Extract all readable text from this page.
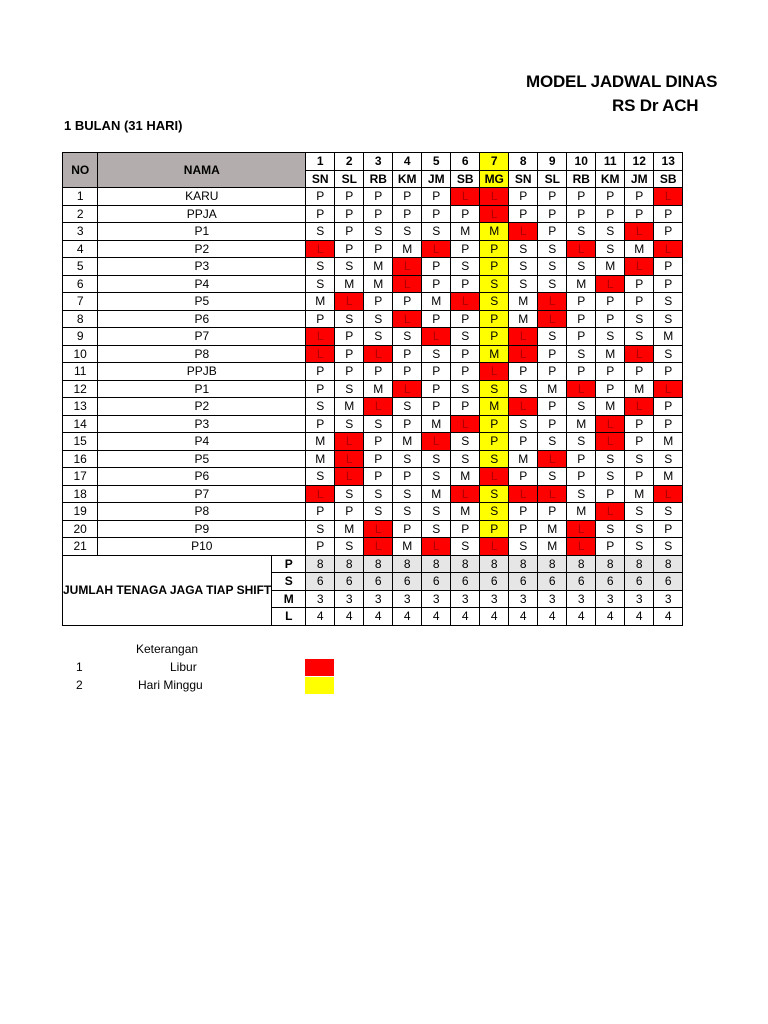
MODEL JADWAL DINAS
RS Dr ACH
1 BULAN (31 HARI)
NO	NAMA		1	2	3	4	5	6	7	8	9	10	11	12	13
			SN	SL	RB	KM	JM	SB	MG	SN	SL	RB	KM	JM	SB
1	KARU		P	P	P	P	P	L	L	P	P	P	P	P	L
2	PPJA		P	P	P	P	P	P	L	P	P	P	P	P	P
3	P1		S	P	S	S	S	M	M	L	P	S	S	L	P
4	P2		L	P	P	M	L	P	P	S	S	L	S	M	L
5	P3		S	S	M	L	P	S	P	S	S	S	M	L	P
6	P4		S	M	M	L	P	P	S	S	S	M	L	P	P
7	P5		M	L	P	P	M	L	S	M	L	P	P	P	S
8	P6		P	S	S	L	P	P	P	M	L	P	P	S	S
9	P7		L	P	S	S	L	S	P	L	S	P	S	S	M
10	P8		L	P	L	P	S	P	M	L	P	S	M	L	S
11	PPJB		P	P	P	P	P	P	L	P	P	P	P	P	P
12	P1		P	S	M	L	P	S	S	S	M	L	P	M	L
13	P2		S	M	L	S	P	P	M	L	P	S	M	L	P
14	P3		P	S	S	P	M	L	P	S	P	M	L	P	P
15	P4		M	L	P	M	L	S	P	P	S	S	L	P	M
16	P5		M	L	P	S	S	S	S	M	L	P	S	S	S
17	P6		S	L	P	P	S	M	L	P	S	P	S	P	M
18	P7		L	S	S	S	M	L	S	L	L	S	P	M	L
19	P8		P	P	S	S	S	M	S	P	P	M	L	S	S
20	P9		S	M	L	P	S	P	P	P	M	L	S	S	P
21	P10		P	S	L	M	L	S	L	S	M	L	P	S	S
JUMLAH TENAGA JAGA TIAP SHIFT		P	8	8	8	8	8	8	8	8	8	8	8	8	8
		S	6	6	6	6	6	6	6	6	6	6	6	6	6
		M	3	3	3	3	3	3	3	3	3	3	3	3	3
		L	4	4	4	4	4	4	4	4	4	4	4	4	4
Keterangan
1	Libur
2	Hari Minggu
